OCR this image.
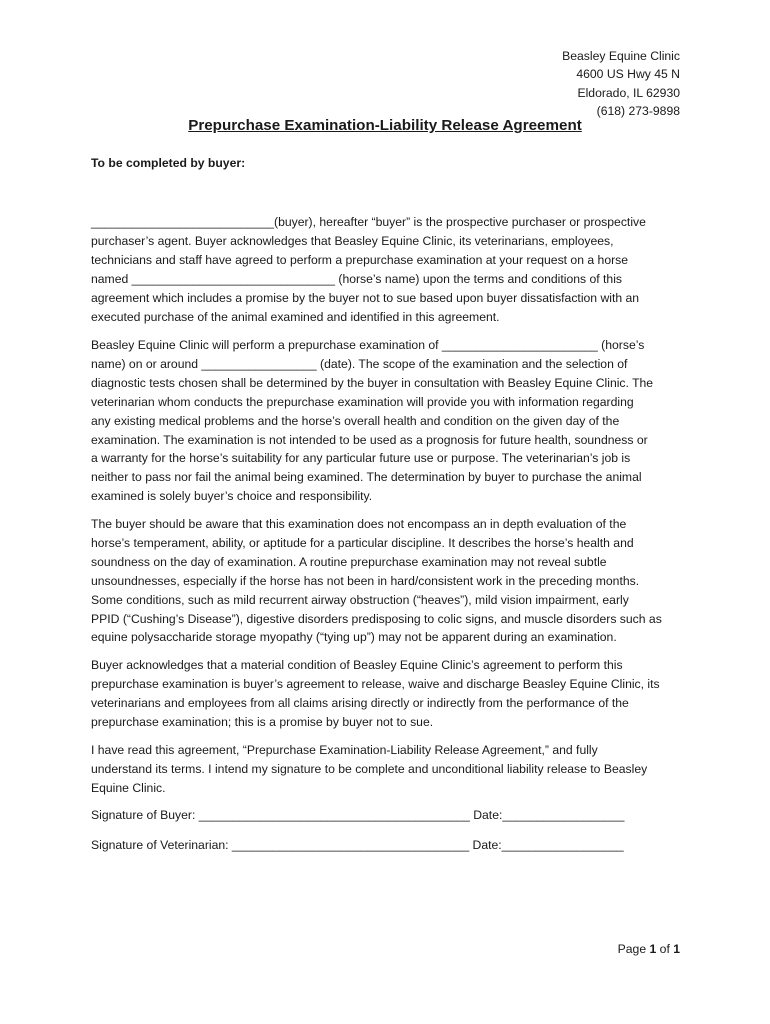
Beasley Equine Clinic
4600 US Hwy 45 N
Eldorado, IL 62930
(618) 273-9898
Prepurchase Examination-Liability Release Agreement
To be completed by buyer:
___________________________(buyer), hereafter “buyer” is the prospective purchaser or prospective
purchaser’s agent. Buyer acknowledges that Beasley Equine Clinic, its veterinarians, employees,
technicians and staff have agreed to perform a prepurchase examination at your request on a horse
named ______________________________ (horse’s name) upon the terms and conditions of this
agreement which includes a promise by the buyer not to sue based upon buyer dissatisfaction with an
executed purchase of the animal examined and identified in this agreement.
Beasley Equine Clinic will perform a prepurchase examination of _______________________ (horse’s
name) on or around _________________ (date). The scope of the examination and the selection of
diagnostic tests chosen shall be determined by the buyer in consultation with Beasley Equine Clinic. The
veterinarian whom conducts the prepurchase examination will provide you with information regarding
any existing medical problems and the horse’s overall health and condition on the given day of the
examination. The examination is not intended to be used as a prognosis for future health, soundness or
a warranty for the horse’s suitability for any particular future use or purpose. The veterinarian’s job is
neither to pass nor fail the animal being examined. The determination by buyer to purchase the animal
examined is solely buyer’s choice and responsibility.
The buyer should be aware that this examination does not encompass an in depth evaluation of the
horse’s temperament, ability, or aptitude for a particular discipline. It describes the horse’s health and
soundness on the day of examination. A routine prepurchase examination may not reveal subtle
unsoundnesses, especially if the horse has not been in hard/consistent work in the preceding months.
Some conditions, such as mild recurrent airway obstruction (“heaves”), mild vision impairment, early
PPID (“Cushing’s Disease”), digestive disorders predisposing to colic signs, and muscle disorders such as
equine polysaccharide storage myopathy (“tying up”) may not be apparent during an examination.
Buyer acknowledges that a material condition of Beasley Equine Clinic’s agreement to perform this
prepurchase examination is buyer’s agreement to release, waive and discharge Beasley Equine Clinic, its
veterinarians and employees from all claims arising directly or indirectly from the performance of the
prepurchase examination; this is a promise by buyer not to sue.
I have read this agreement, “Prepurchase Examination-Liability Release Agreement,” and fully
understand its terms. I intend my signature to be complete and unconditional liability release to Beasley
Equine Clinic.
Signature of Buyer: ________________________________________ Date:__________________
Signature of Veterinarian: ___________________________________ Date:__________________
Page 1 of 1
